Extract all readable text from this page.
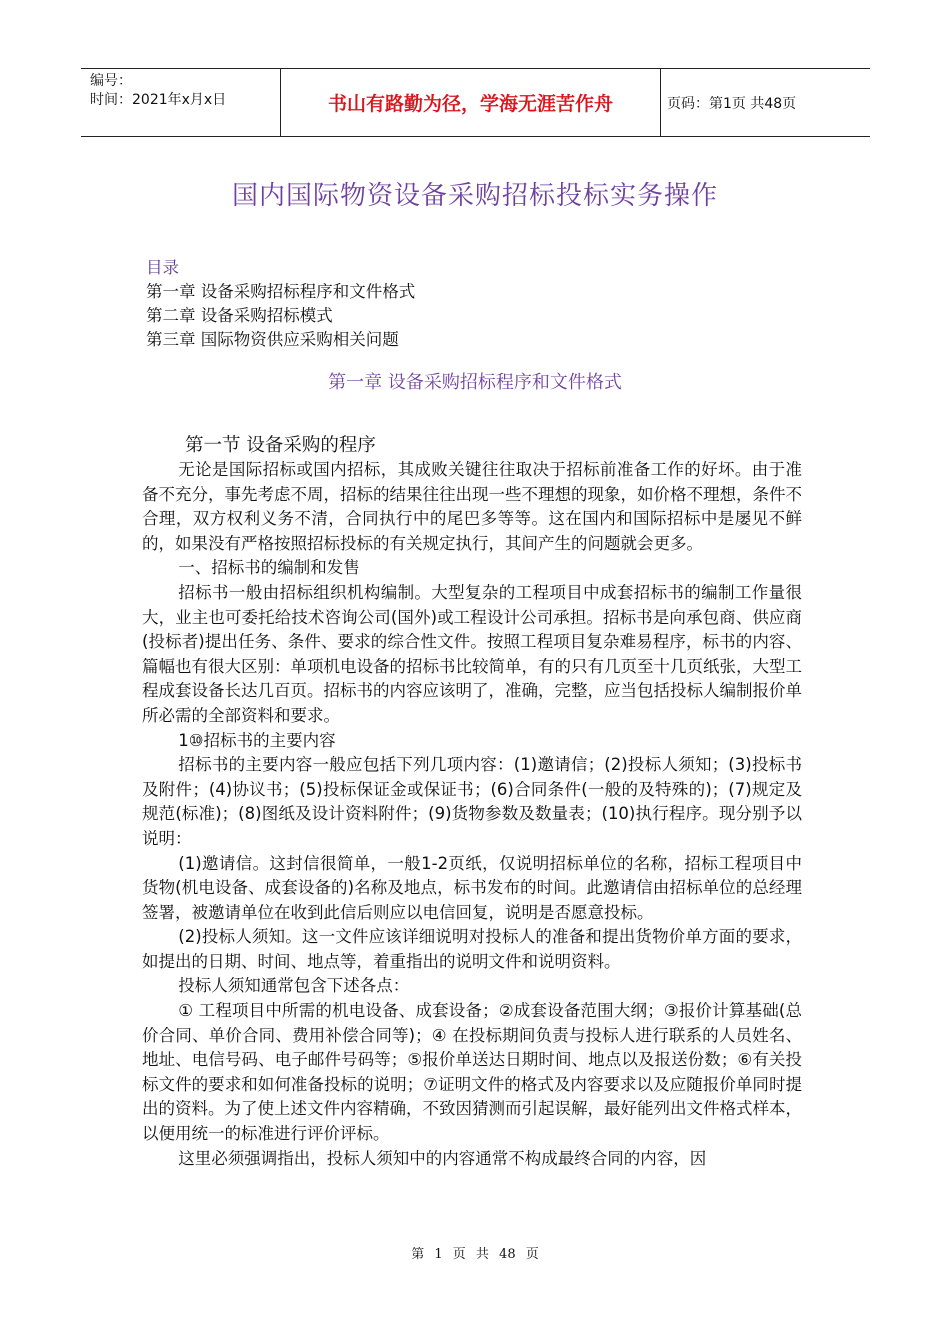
编号：
时间：2021年x月x日	书山有路勤为径，学海无涯苦作舟	页码：第1页 共48页
国内国际物资设备采购招标投标实务操作
目录
第一章 设备采购招标程序和文件格式
第二章 设备采购招标模式
第三章 国际物资供应采购相关问题
第一章 设备采购招标程序和文件格式
第一节 设备采购的程序

无论是国际招标或国内招标，其成败关键往往取决于招标前准备工作的好坏。由于准备不充分，事先考虑不周，招标的结果往往出现一些不理想的现象，如价格不理想，条件不合理，双方权利义务不清，合同执行中的尾巴多等等。这在国内和国际招标中是屡见不鲜的，如果没有严格按照招标投标的有关规定执行，其间产生的问题就会更多。

一、招标书的编制和发售

招标书一般由招标组织机构编制。大型复杂的工程项目中成套招标书的编制工作量很大，业主也可委托给技术咨询公司(国外)或工程设计公司承担。招标书是向承包商、供应商(投标者)提出任务、条件、要求的综合性文件。按照工程项目复杂难易程序，标书的内容、篇幅也有很大区别：单项机电设备的招标书比较简单，有的只有几页至十几页纸张，大型工程成套设备长达几百页。招标书的内容应该明了，准确，完整，应当包括投标人编制报价单所必需的全部资料和要求。

1⑩招标书的主要内容

招标书的主要内容一般应包括下列几项内容：(1)邀请信；(2)投标人须知；(3)投标书及附件；(4)协议书；(5)投标保证金或保证书；(6)合同条件(一般的及特殊的)；(7)规定及规范(标准)；(8)图纸及设计资料附件；(9)货物参数及数量表；(10)执行程序。现分别予以说明：

(1)邀请信。这封信很简单，一般1-2页纸，仅说明招标单位的名称，招标工程项目中货物(机电设备、成套设备的)名称及地点，标书发布的时间。此邀请信由招标单位的总经理签署，被邀请单位在收到此信后则应以电信回复，说明是否愿意投标。

(2)投标人须知。这一文件应该详细说明对投标人的准备和提出货物价单方面的要求，如提出的日期、时间、地点等，着重指出的说明文件和说明资料。

投标人须知通常包含下述各点：

① 工程项目中所需的机电设备、成套设备；②成套设备范围大纲；③报价计算基础(总价合同、单价合同、费用补偿合同等)；④ 在投标期间负责与投标人进行联系的人员姓名、地址、电信号码、电子邮件号码等；⑤报价单送达日期时间、地点以及报送份数；⑥有关投标文件的要求和如何准备投标的说明；⑦证明文件的格式及内容要求以及应随报价单同时提出的资料。为了使上述文件内容精确，不致因猜测而引起误解，最好能列出文件格式样本，以便用统一的标准进行评价评标。

这里必须强调指出，投标人须知中的内容通常不构成最终合同的内容，因

第 1 页 共 48 页
